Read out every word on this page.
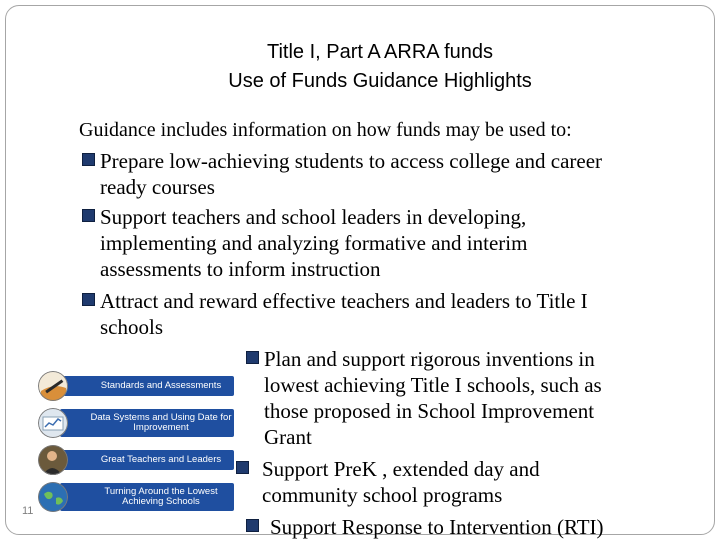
Title I, Part A ARRA funds
Use of Funds Guidance Highlights

Guidance includes information on how funds may be used to:

Prepare low-achieving students to access college and career
ready courses
Support teachers and school leaders in developing,
implementing and analyzing formative and interim
assessments to inform instruction
Attract and reward effective teachers and leaders to Title I
schools
Plan and support rigorous inventions in
lowest achieving Title I schools, such as
those proposed in School Improvement
Grant
Support PreΚ , extended day and
community school programs
Support Response to Intervention (RTI)
Standards and Assessments
Data Systems and Using Date for Improvement
Great Teachers and Leaders
Turning Around the Lowest Achieving Schools
11
